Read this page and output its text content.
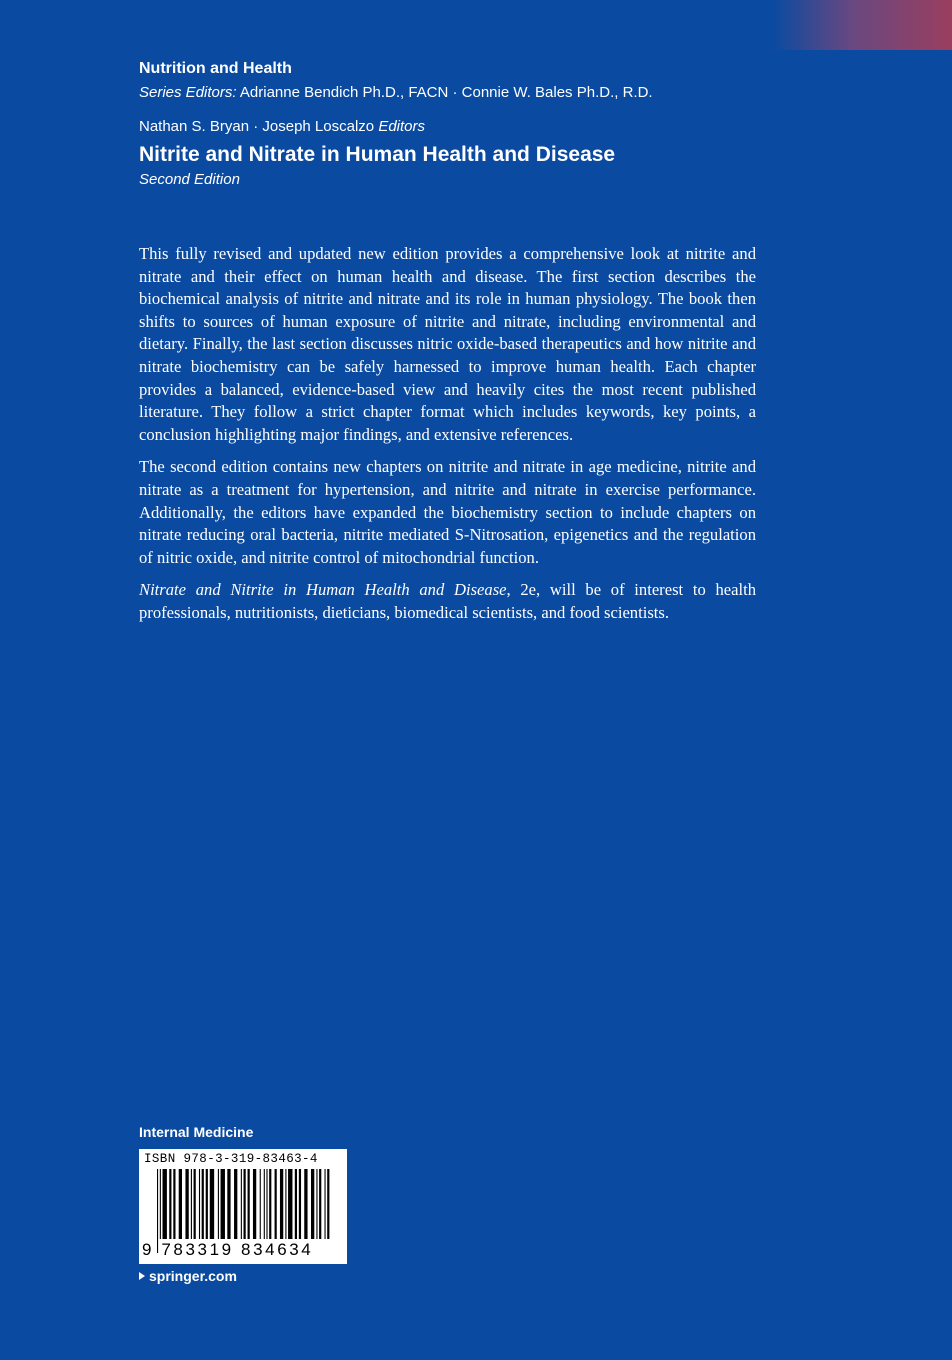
Nutrition and Health
Series Editors: Adrianne Bendich Ph.D., FACN · Connie W. Bales Ph.D., R.D.
Nathan S. Bryan · Joseph Loscalzo Editors
Nitrite and Nitrate in Human Health and Disease
Second Edition

This fully revised and updated new edition provides a comprehensive look at nitrite and nitrate and their effect on human health and disease. The first section describes the biochemical analysis of nitrite and nitrate and its role in human physiology. The book then shifts to sources of human exposure of nitrite and nitrate, including environmental and dietary. Finally, the last section discusses nitric oxide-based therapeutics and how nitrite and nitrate biochemistry can be safely harnessed to improve human health. Each chapter provides a balanced, evidence-based view and heavily cites the most recent published literature. They follow a strict chapter format which includes keywords, key points, a conclusion highlighting major findings, and extensive references.

The second edition contains new chapters on nitrite and nitrate in age medicine, nitrite and nitrate as a treatment for hypertension, and nitrite and nitrate in exercise performance. Additionally, the editors have expanded the biochemistry section to include chapters on nitrate reducing oral bacteria, nitrite mediated S-Nitrosation, epigenetics and the regulation of nitric oxide, and nitrite control of mitochondrial function.

Nitrate and Nitrite in Human Health and Disease, 2e, will be of interest to health professionals, nutritionists, dieticians, biomedical scientists, and food scientists.

Internal Medicine
ISBN 978-3-319-83463-4
9 783319 834634
springer.com
